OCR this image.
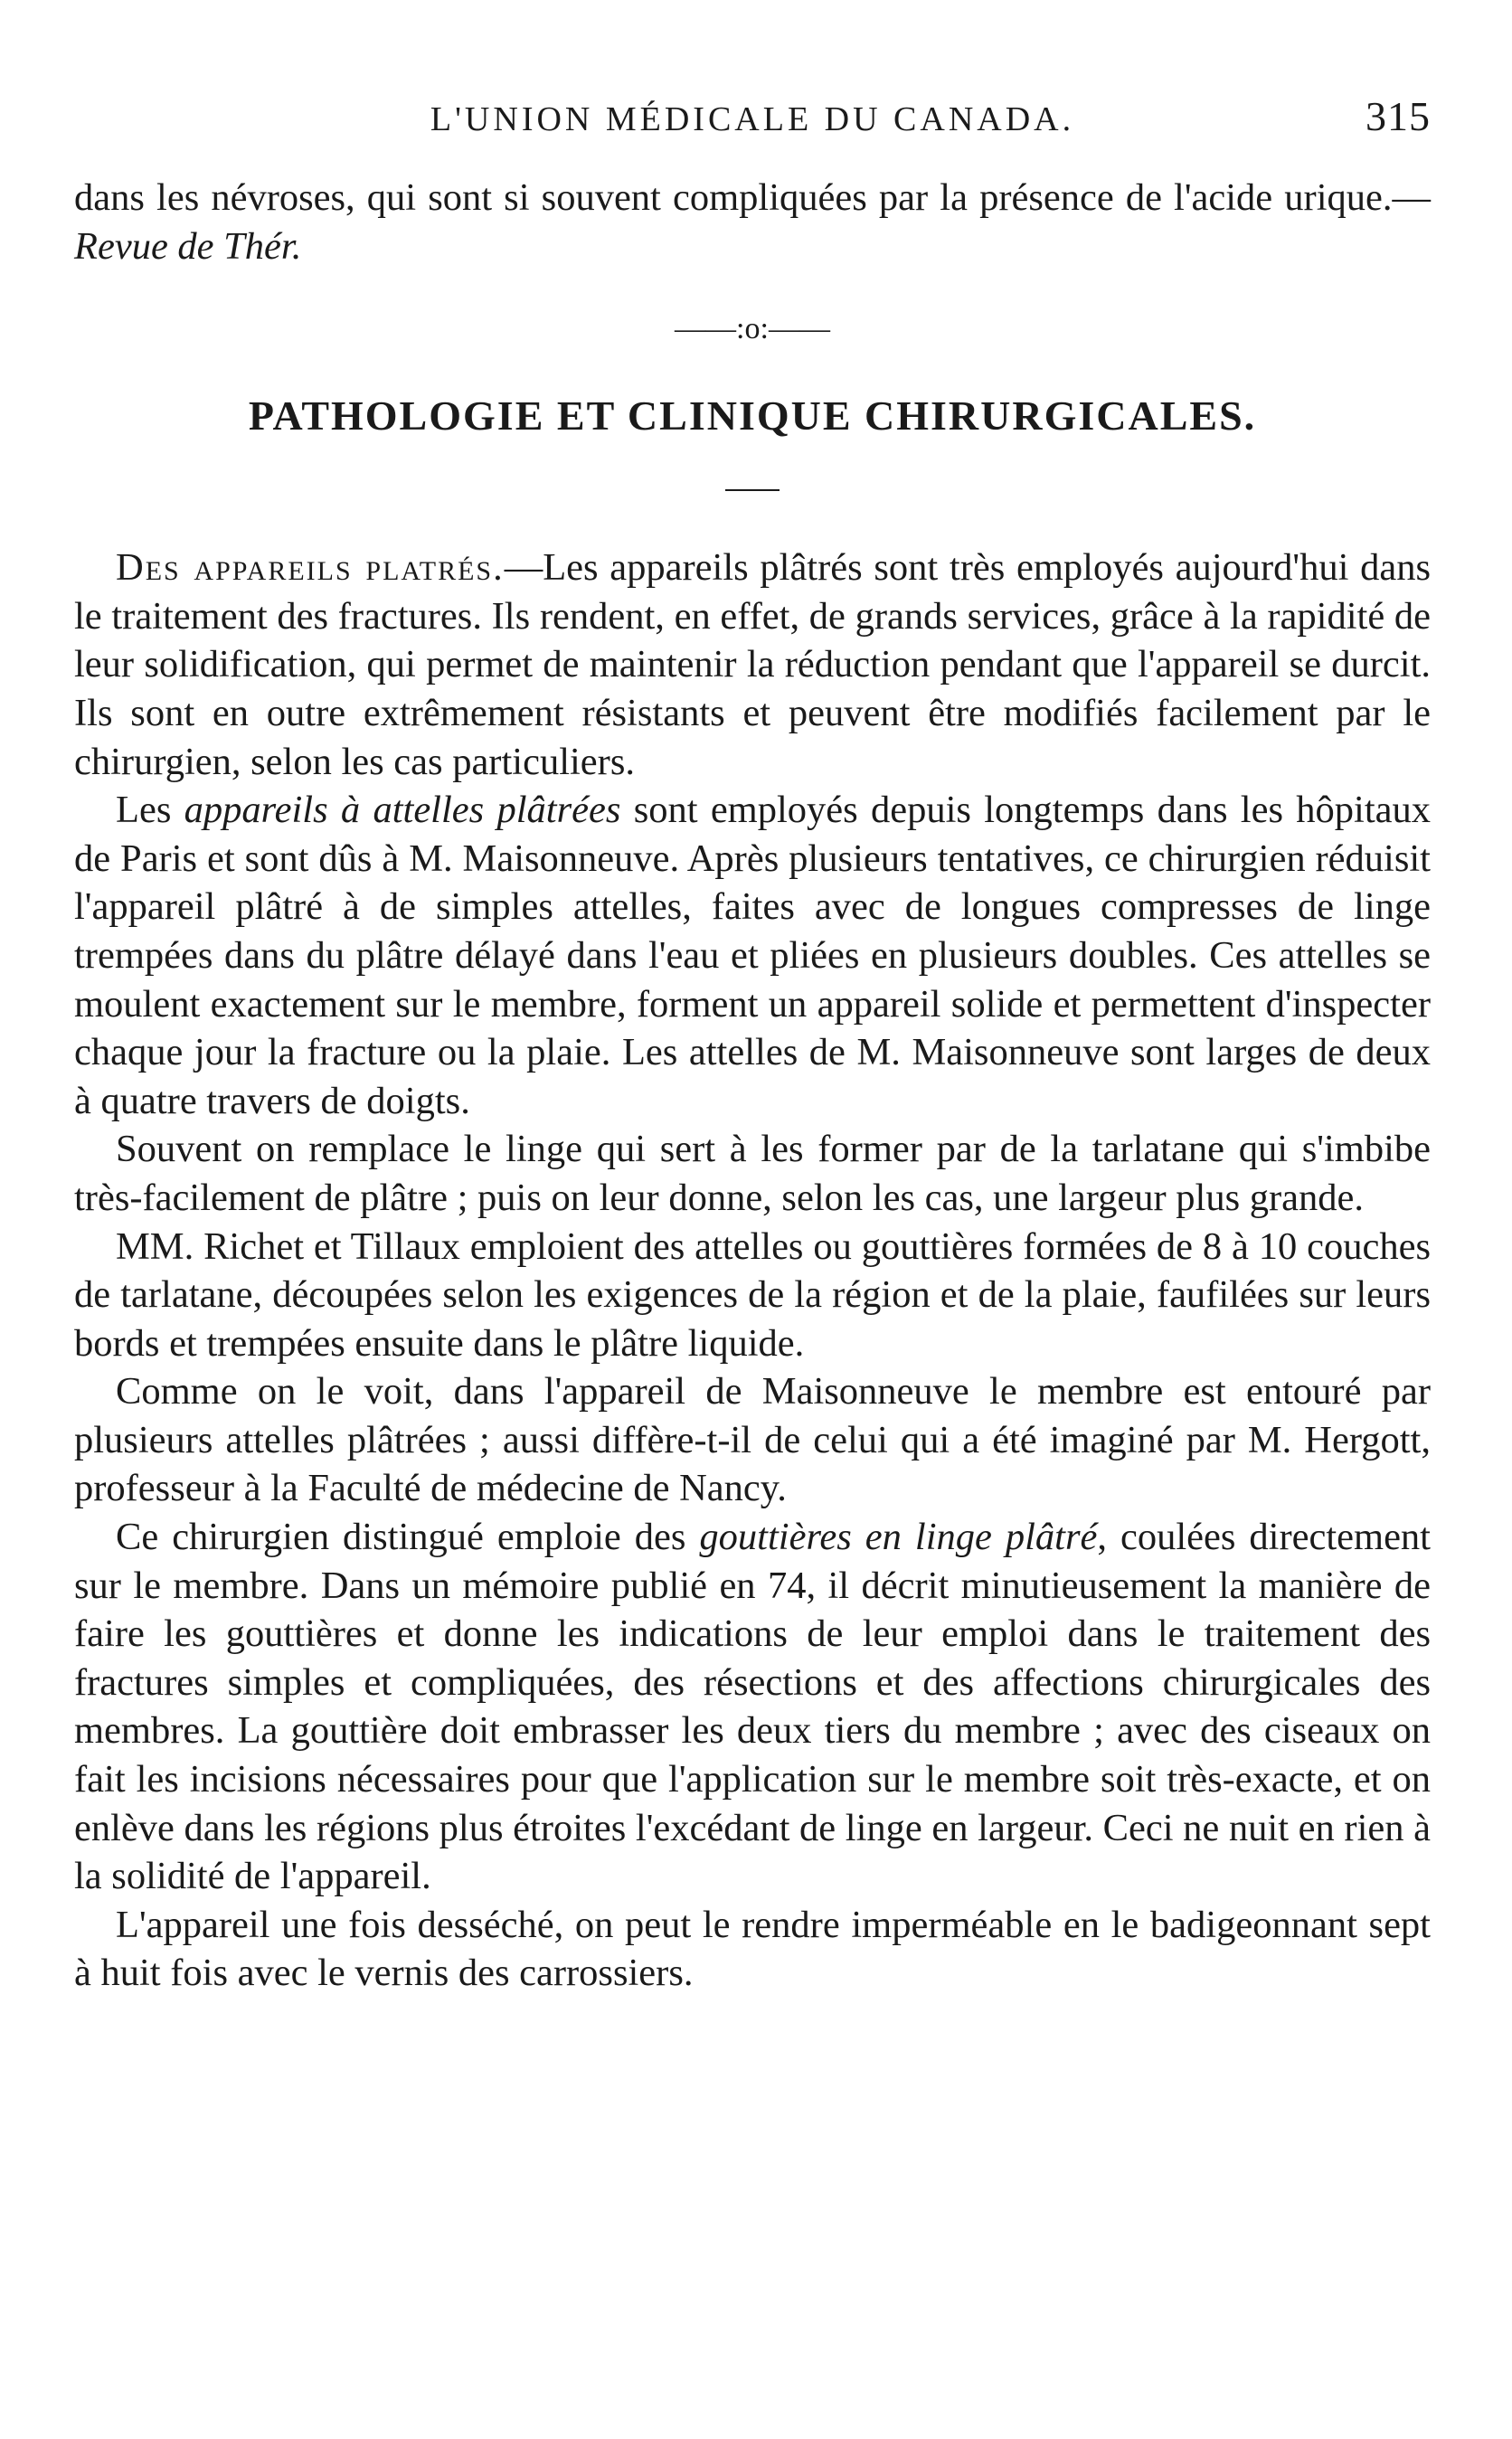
L'UNION MÉDICALE DU CANADA.	315

dans les névroses, qui sont si souvent compliquées par la présence de l'acide urique.—Revue de Thér.

——:o:——
PATHOLOGIE ET CLINIQUE CHIRURGICALES.

Des appareils platrés.—Les appareils plâtrés sont très employés aujourd'hui dans le traitement des fractures. Ils rendent, en effet, de grands services, grâce à la rapidité de leur solidification, qui permet de maintenir la réduction pendant que l'appareil se durcit. Ils sont en outre extrêmement résistants et peuvent être modifiés facilement par le chirurgien, selon les cas particuliers.

Les appareils à attelles plâtrées sont employés depuis longtemps dans les hôpitaux de Paris et sont dûs à M. Maisonneuve. Après plusieurs tentatives, ce chirurgien réduisit l'appareil plâtré à de simples attelles, faites avec de longues compresses de linge trempées dans du plâtre délayé dans l'eau et pliées en plusieurs doubles. Ces attelles se moulent exactement sur le membre, forment un appareil solide et permettent d'inspecter chaque jour la fracture ou la plaie. Les attelles de M. Maisonneuve sont larges de deux à quatre travers de doigts.

Souvent on remplace le linge qui sert à les former par de la tarlatane qui s'imbibe très-facilement de plâtre ; puis on leur donne, selon les cas, une largeur plus grande.

MM. Richet et Tillaux emploient des attelles ou gouttières formées de 8 à 10 couches de tarlatane, découpées selon les exigences de la région et de la plaie, faufilées sur leurs bords et trempées ensuite dans le plâtre liquide.

Comme on le voit, dans l'appareil de Maisonneuve le membre est entouré par plusieurs attelles plâtrées ; aussi diffère-t-il de celui qui a été imaginé par M. Hergott, professeur à la Faculté de médecine de Nancy.

Ce chirurgien distingué emploie des gouttières en linge plâtré, coulées directement sur le membre. Dans un mémoire publié en 74, il décrit minutieusement la manière de faire les gouttières et donne les indications de leur emploi dans le traitement des fractures simples et compliquées, des résections et des affections chirurgicales des membres. La gouttière doit embrasser les deux tiers du membre ; avec des ciseaux on fait les incisions nécessaires pour que l'application sur le membre soit très-exacte, et on enlève dans les régions plus étroites l'excédant de linge en largeur. Ceci ne nuit en rien à la solidité de l'appareil.

L'appareil une fois desséché, on peut le rendre imperméable en le badigeonnant sept à huit fois avec le vernis des carrossiers.
